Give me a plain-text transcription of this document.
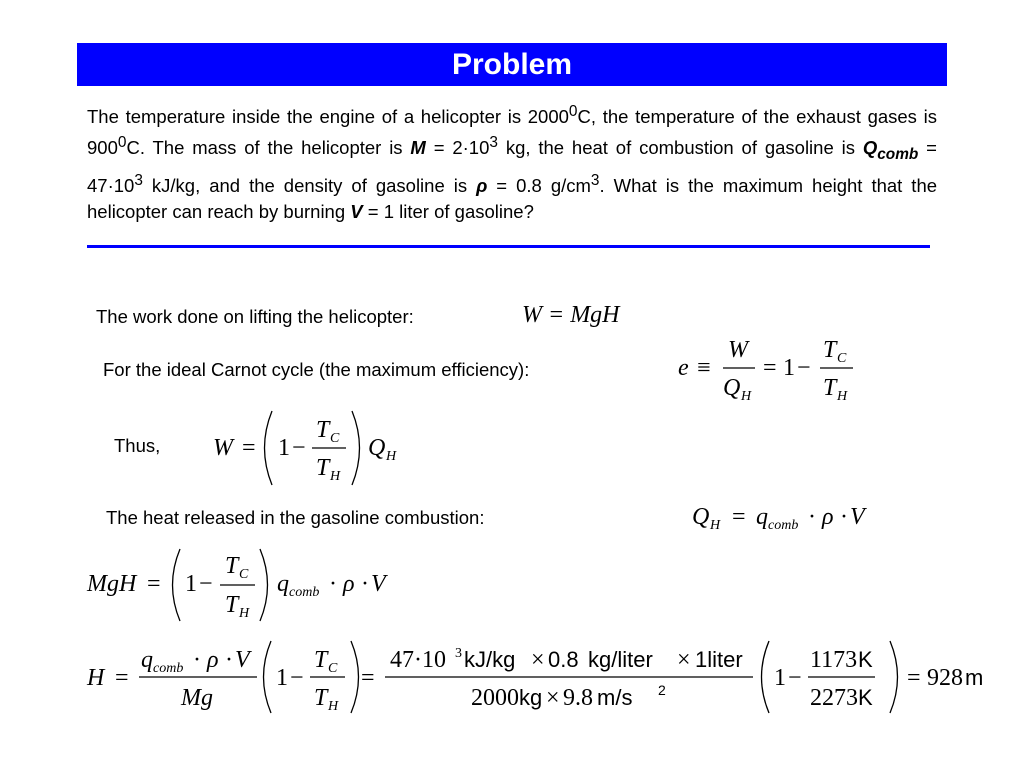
Problem
The temperature inside the engine of a helicopter is 2000$^0$C, the temperature of the exhaust gases is $900^0C$. The mass of the helicopter is $M = 2\cdot 10^3$ kg, the heat of combustion of gasoline is $Q_{comb} = 47\cdot 10^3$ kJ/kg, and the density of gasoline is ρ = 0.8 $g/cm^3$. What is the maximum height that the helicopter can reach by burning V = 1 liter of gasoline?
The work done on lifting the helicopter:	W = MgH
For the ideal Carnot cycle (the maximum efficiency):	e ≡
W
Q H
= 1 −
T C
T H
Thus, W = 1 −
T C
T H
Q H
The heat released in the gasoline combustion:	Q H = q comb · ρ · V
MgH = 1 −
T C
T H
q comb · ρ · V
H =
q comb · ρ · V
Mg
1 −
T C
T H
=
47·10 3 kJ/kg × 0.8 kg/liter × 1liter
2000 kg × 9.8 m/s 2	1 −
1173 K
2273 K
= 928 m
